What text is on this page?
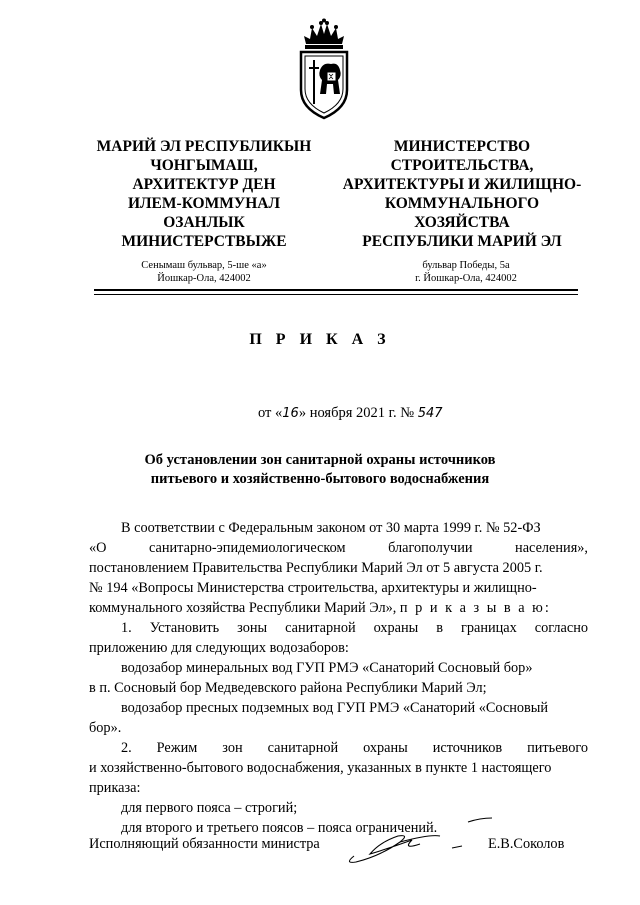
МАРИЙ ЭЛ РЕСПУБЛИКЫН
ЧОНГЫМАШ,
АРХИТЕКТУР ДЕН
ИЛЕМ-КОММУНАЛ
ОЗАНЛЫК
МИНИСТЕРСТВЫЖЕ
МИНИСТЕРСТВО
СТРОИТЕЛЬСТВА,
АРХИТЕКТУРЫ И ЖИЛИЩНО-
КОММУНАЛЬНОГО
ХОЗЯЙСТВА
РЕСПУБЛИКИ МАРИЙ ЭЛ
Сенымаш бульвар, 5-ше «а»
Йошкар-Ола, 424002
бульвар Победы, 5а
г. Йошкар-Ола, 424002
П Р И К А З
от «16» ноября 2021 г. № 547
Об установлении зон санитарной охраны источников
питьевого и хозяйственно-бытового водоснабжения
В соответствии с Федеральным законом от 30 марта 1999 г. № 52-ФЗ
«О санитарно-эпидемиологическом благополучии населения»,
постановлением Правительства Республики Марий Эл от 5 августа 2005 г.
№ 194 «Вопросы Министерства строительства, архитектуры и жилищно-
коммунального хозяйства Республики Марий Эл», п р и к а з ы в а ю:
1. Установить зоны санитарной охраны в границах согласно
приложению для следующих водозаборов:
водозабор минеральных вод ГУП РМЭ «Санаторий Сосновый бор»
в п. Сосновый бор Медведевского района Республики Марий Эл;
водозабор пресных подземных вод ГУП РМЭ «Санаторий «Сосновый
бор».
2. Режим зон санитарной охраны источников питьевого
и хозяйственно-бытового водоснабжения, указанных в пункте 1 настоящего
приказа:
для первого пояса – строгий;
для второго и третьего поясов – пояса ограничений.
Исполняющий обязанности министра	Е.В.Соколов
